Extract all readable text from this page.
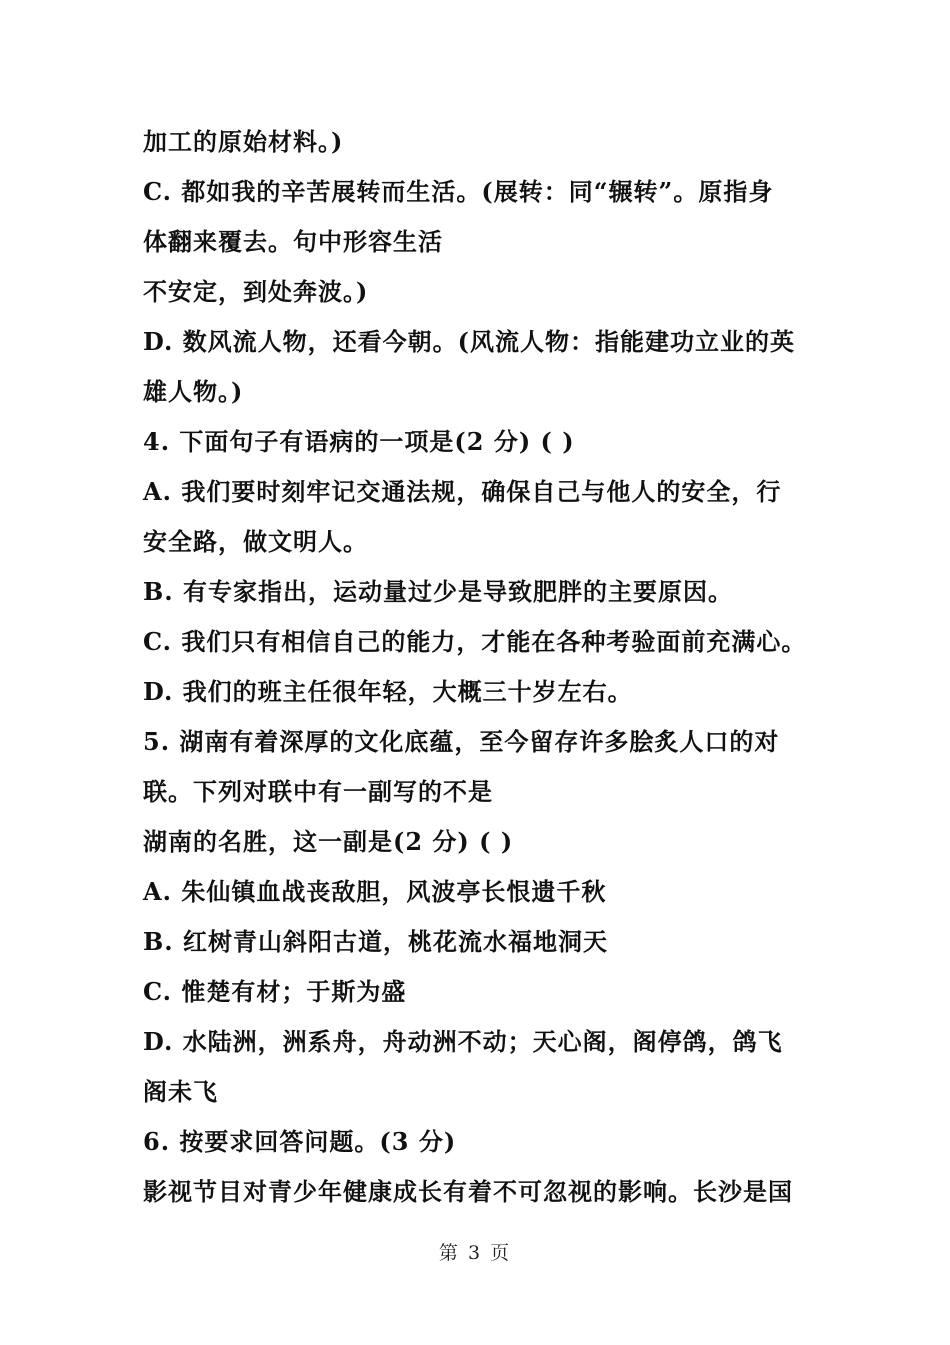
加工的原始材料。)
C. 都如我的辛苦展转而生活。(展转：同“辗转”。原指身
体翻来覆去。句中形容生活
不安定，到处奔波。)
D. 数风流人物，还看今朝。(风流人物：指能建功立业的英
雄人物。)
4. 下面句子有语病的一项是(2 分) ( )
A. 我们要时刻牢记交通法规，确保自己与他人的安全，行
安全路，做文明人。
B. 有专家指出，运动量过少是导致肥胖的主要原因。
C. 我们只有相信自己的能力，才能在各种考验面前充满心。
D. 我们的班主任很年轻，大概三十岁左右。
5. 湖南有着深厚的文化底蕴，至今留存许多脍炙人口的对
联。下列对联中有一副写的不是
湖南的名胜，这一副是(2 分) ( )
A. 朱仙镇血战丧敌胆，风波亭长恨遗千秋
B. 红树青山斜阳古道，桃花流水福地洞天
C. 惟楚有材；于斯为盛
D. 水陆洲，洲系舟，舟动洲不动；天心阁，阁停鸽，鸽飞
阁未飞
6. 按要求回答问题。(3 分)
影视节目对青少年健康成长有着不可忽视的影响。长沙是国
第 3 页
